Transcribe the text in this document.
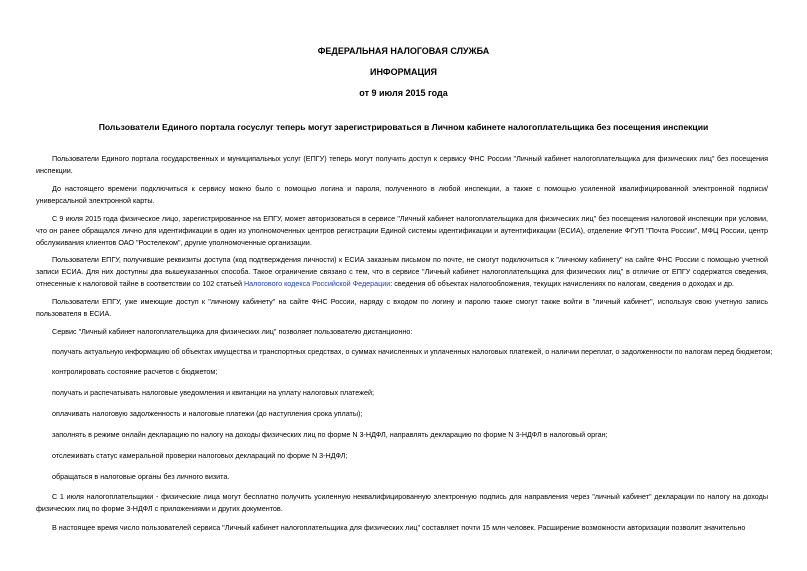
ФЕДЕРАЛЬНАЯ НАЛОГОВАЯ СЛУЖБА
ИНФОРМАЦИЯ
от 9 июля 2015 года
Пользователи Единого портала госуслуг теперь могут зарегистрироваться в Личном кабинете налогоплательщика без посещения инспекции
Пользователи Единого портала государственных и муниципальных услуг (ЕПГУ) теперь могут получить доступ к сервису ФНС России "Личный кабинет налогоплательщика для физических лиц" без посещения инспекции.
До настоящего времени подключиться к сервису можно было с помощью логина и пароля, полученного в любой инспекции, а также с помощью усиленной квалифицированной электронной подписи/универсальной электронной карты.
С 9 июля 2015 года физическое лицо, зарегистрированное на ЕПГУ, может авторизоваться в сервисе "Личный кабинет налогоплательщика для физических лиц" без посещения налоговой инспекции при условии, что он ранее обращался лично для идентификации в один из уполномоченных центров регистрации Единой системы идентификации и аутентификации (ЕСИА), отделение ФГУП "Почта России", МФЦ России, центр обслуживания клиентов ОАО "Ростелеком", другие уполномоченные организации.
Пользователи ЕПГУ, получившие реквизиты доступа (код подтверждения личности) к ЕСИА заказным письмом по почте, не смогут подключиться к "личному кабинету" на сайте ФНС России с помощью учетной записи ЕСИА. Для них доступны два вышеуказанных способа. Такое ограничение связано с тем, что в сервисе "Личный кабинет налогоплательщика для физических лиц" в отличие от ЕПГУ содержатся сведения, отнесенные к налоговой тайне в соответствии со 102 статьей Налогового кодекса Российской Федерации: сведения об объектах налогообложения, текущих начислениях по налогам, сведения о доходах и др.
Пользователи ЕПГУ, уже имеющие доступ к "личному кабинету" на сайте ФНС России, наряду с входом по логину и паролю также смогут также войти в "личный кабинет", используя свою учетную запись пользователя в ЕСИА.
Сервис "Личный кабинет налогоплательщика для физических лиц" позволяет пользователю дистанционно:
получать актуальную информацию об объектах имущества и транспортных средствах, о суммах начисленных и уплаченных налоговых платежей, о наличии переплат, о задолженности по налогам перед бюджетом;
контролировать состояние расчетов с бюджетом;
получать и распечатывать налоговые уведомления и квитанции на уплату налоговых платежей;
оплачивать налоговую задолженность и налоговые платежи (до наступления срока уплаты);
заполнять в режиме онлайн декларацию по налогу на доходы физических лиц по форме N 3-НДФЛ, направлять декларацию по форме N 3-НДФЛ в налоговый орган;
отслеживать статус камеральной проверки налоговых деклараций по форме N 3-НДФЛ;
обращаться в налоговые органы без личного визита.
С 1 июля налогоплательщики - физические лица могут бесплатно получить усиленную неквалифицированную электронную подпись для направления через "личный кабинет" декларации по налогу на доходы физических лиц по форме 3-НДФЛ с приложениями и других документов.
В настоящее время число пользователей сервиса "Личный кабинет налогоплательщика для физических лиц" составляет почти 15 млн человек. Расширение возможности авторизации позволит значительно
